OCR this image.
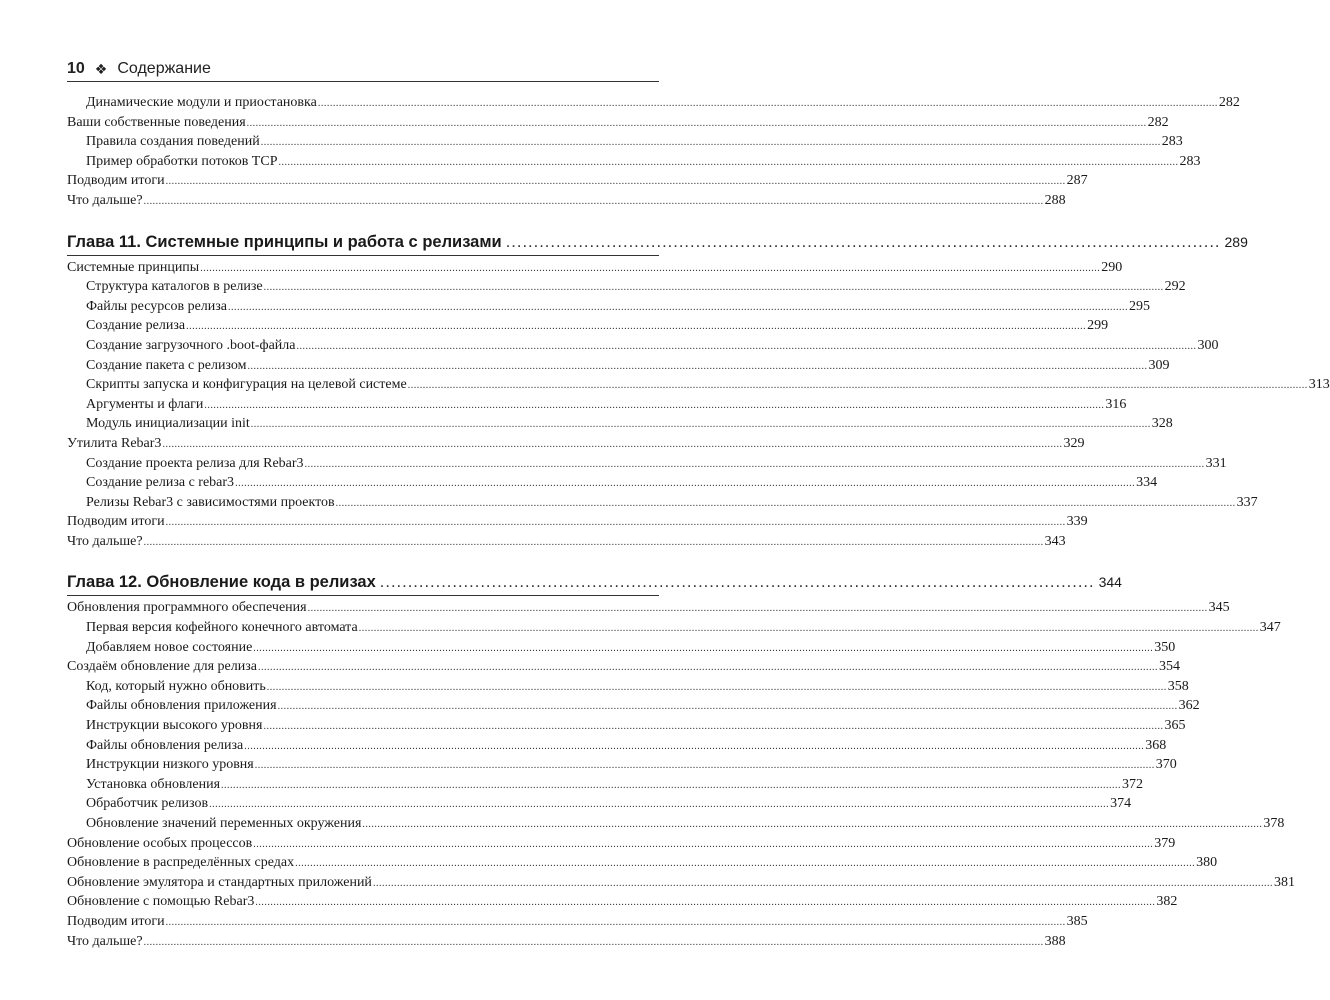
10 ❖ Содержание
Динамические модули и приостановка ............................................................................................................................................................................................................................................................................................................ 282
Ваши собственные поведения ............................................................................................................................................................................................................................................................................................................ 282
Правила создания поведений ............................................................................................................................................................................................................................................................................................................ 283
Пример обработки потоков TCP ............................................................................................................................................................................................................................................................................................................ 283
Подводим итоги ............................................................................................................................................................................................................................................................................................................ 287
Что дальше? ............................................................................................................................................................................................................................................................................................................ 288
Глава 11. Системные принципы и работа с релизами ................................................................................................................................ 289
Системные принципы ............................................................................................................................................................................................................................................................................................................ 290
Структура каталогов в релизе ............................................................................................................................................................................................................................................................................................................ 292
Файлы ресурсов релиза ............................................................................................................................................................................................................................................................................................................ 295
Создание релиза ............................................................................................................................................................................................................................................................................................................ 299
Создание загрузочного .boot-файла ............................................................................................................................................................................................................................................................................................................ 300
Создание пакета с релизом ............................................................................................................................................................................................................................................................................................................ 309
Скрипты запуска и конфигурация на целевой системе ............................................................................................................................................................................................................................................................................................................ 313
Аргументы и флаги ............................................................................................................................................................................................................................................................................................................ 316
Модуль инициализации init ............................................................................................................................................................................................................................................................................................................ 328
Утилита Rebar3 ............................................................................................................................................................................................................................................................................................................ 329
Создание проекта релиза для Rebar3 ............................................................................................................................................................................................................................................................................................................ 331
Создание релиза с rebar3 ............................................................................................................................................................................................................................................................................................................ 334
Релизы Rebar3 с зависимостями проектов ............................................................................................................................................................................................................................................................................................................ 337
Подводим итоги ............................................................................................................................................................................................................................................................................................................ 339
Что дальше? ............................................................................................................................................................................................................................................................................................................ 343
Глава 12. Обновление кода в релизах ................................................................................................................................ 344
Обновления программного обеспечения ............................................................................................................................................................................................................................................................................................................ 345
Первая версия кофейного конечного автомата ............................................................................................................................................................................................................................................................................................................ 347
Добавляем новое состояние ............................................................................................................................................................................................................................................................................................................ 350
Создаём обновление для релиза ............................................................................................................................................................................................................................................................................................................ 354
Код, который нужно обновить ............................................................................................................................................................................................................................................................................................................ 358
Файлы обновления приложения ............................................................................................................................................................................................................................................................................................................ 362
Инструкции высокого уровня ............................................................................................................................................................................................................................................................................................................ 365
Файлы обновления релиза ............................................................................................................................................................................................................................................................................................................ 368
Инструкции низкого уровня ............................................................................................................................................................................................................................................................................................................ 370
Установка обновления ............................................................................................................................................................................................................................................................................................................ 372
Обработчик релизов ............................................................................................................................................................................................................................................................................................................ 374
Обновление значений переменных окружения ............................................................................................................................................................................................................................................................................................................ 378
Обновление особых процессов ............................................................................................................................................................................................................................................................................................................ 379
Обновление в распределённых средах ............................................................................................................................................................................................................................................................................................................ 380
Обновление эмулятора и стандартных приложений ............................................................................................................................................................................................................................................................................................................ 381
Обновление с помощью Rebar3 ............................................................................................................................................................................................................................................................................................................ 382
Подводим итоги ............................................................................................................................................................................................................................................................................................................ 385
Что дальше? ............................................................................................................................................................................................................................................................................................................ 388
